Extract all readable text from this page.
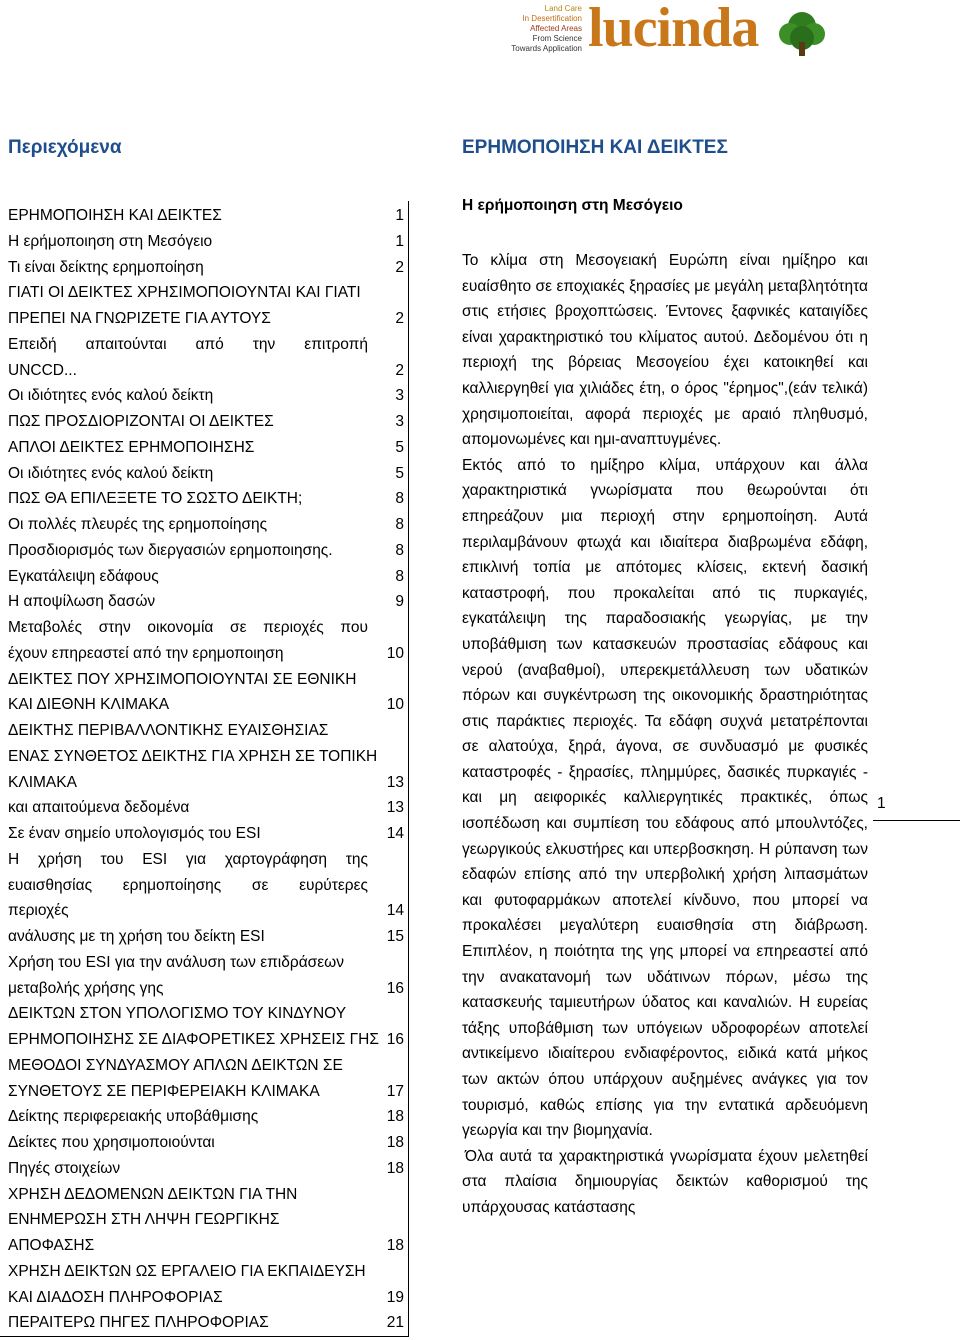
Land Care
In Desertification
Affected Areas
From Science
Towards Application lucinda
Περιεχόμενα
ΕΡΗΜΟΠΟΙΗΣΗ ΚΑΙ ΔΕΙΚΤΕΣ	1
Η ερήμοποιηση στη Μεσόγειο	1
Τι είναι δείκτης ερημοποίηση	2
ΓΙΑΤΙ ΟΙ ΔΕΙΚΤΕΣ ΧΡΗΣΙΜΟΠΟΙΟΥΝΤΑΙ ΚΑΙ ΓΙΑΤΙ
ΠΡΕΠΕΙ ΝΑ ΓΝΩΡΙΖΕΤΕ ΓΙΑ ΑΥΤΟΥΣ	2
Επειδή απαιτούνται από την επιτροπή
UNCCD...	2
Οι ιδιότητες ενός καλού δείκτη	3
ΠΩΣ ΠΡΟΣΔΙΟΡΙΖΟΝΤΑΙ ΟΙ ΔΕΙΚΤΕΣ	3
ΑΠΛΟΙ ΔΕΙΚΤΕΣ ΕΡΗΜΟΠΟΙΗΣΗΣ	5
Οι ιδιότητες ενός καλού δείκτη	5
ΠΩΣ ΘΑ ΕΠΙΛΕΞΕΤΕ ΤΟ ΣΩΣΤΟ ΔΕΙΚΤΗ;	8
Οι πολλές πλευρές της ερημοποίησης	8
Προσδιορισμός των διεργασιών ερημοποιησης.	8
Εγκατάλειψη εδάφους	8
Η αποψίλωση δασών	9
Μεταβολές στην οικονομία σε περιοχές που
έχουν επηρεαστεί από την ερημοποιηση	10
ΔΕΙΚΤΕΣ ΠΟΥ ΧΡΗΣΙΜΟΠΟΙΟΥΝΤΑΙ ΣΕ ΕΘΝΙΚΗ
ΚΑΙ ΔΙΕΘΝΗ ΚΛΙΜΑΚΑ	10
ΔΕΙΚΤΗΣ ΠΕΡΙΒΑΛΛΟΝΤΙΚΗΣ ΕΥΑΙΣΘΗΣΙΑΣ
ΕΝΑΣ ΣΥΝΘΕΤΟΣ ΔΕΙΚΤΗΣ ΓΙΑ ΧΡΗΣΗ ΣΕ ΤΟΠΙΚΗ
ΚΛΙΜΑΚΑ	13
και απαιτούμενα δεδομένα	13
Σε έναν σημείο υπολογισμός του ESI	14
Η χρήση του ESI για χαρτογράφηση της
ευαισθησίας ερημοποίησης σε ευρύτερες
περιοχές	14
ανάλυσης με τη χρήση του δείκτη ESI	15
Χρήση του ESI για την ανάλυση των επιδράσεων
μεταβολής χρήσης γης	16
ΔΕΙΚΤΩΝ ΣΤΟΝ ΥΠΟΛΟΓΙΣΜΟ ΤΟΥ ΚΙΝΔΥΝΟΥ
ΕΡΗΜΟΠΟΙΗΣΗΣ ΣΕ ΔΙΑΦΟΡΕΤΙΚΕΣ ΧΡΗΣΕΙΣ ΓΗΣ 16
ΜΕΘΟΔΟΙ ΣΥΝΔΥΑΣΜΟΥ ΑΠΛΩΝ ΔΕΙΚΤΩΝ ΣΕ
ΣΥΝΘΕΤΟΥΣ ΣΕ ΠΕΡΙΦΕΡΕΙΑΚΗ ΚΛΙΜΑΚΑ	17
Δείκτης περιφερειακής υποβάθμισης	18
Δείκτες που χρησιμοποιούνται	18
Πηγές στοιχείων	18
ΧΡΗΣΗ ΔΕΔΟΜΕΝΩΝ ΔΕΙΚΤΩΝ ΓΙΑ ΤΗΝ
ΕΝΗΜΕΡΩΣΗ ΣΤΗ ΛΗΨΗ ΓΕΩΡΓΙΚΗΣ
ΑΠΟΦΑΣΗΣ	18
ΧΡΗΣΗ ΔΕΙΚΤΩΝ ΩΣ ΕΡΓΑΛΕΙΟ ΓΙΑ ΕΚΠΑΙΔΕΥΣΗ
ΚΑΙ ΔΙΑΔΟΣΗ ΠΛΗΡΟΦΟΡΙΑΣ	19
ΠΕΡΑΙΤΕΡΩ ΠΗΓΕΣ ΠΛΗΡΟΦΟΡΙΑΣ	21
ΕΡΗΜΟΠΟΙΗΣΗ ΚΑΙ ΔΕΙΚΤΕΣ
Η ερήμοποιηση στη Μεσόγειο

Το κλίμα στη Μεσογειακή Ευρώπη είναι ημίξηρο και ευαίσθητο σε εποχιακές ξηρασίες με μεγάλη μεταβλητότητα στις ετήσιες βροχοπτώσεις. Έντονες ξαφνικές καταιγίδες είναι χαρακτηριστικό του κλίματος αυτού. Δεδομένου ότι η περιοχή της βόρειας Μεσογείου έχει κατοικηθεί και καλλιεργηθεί για χιλιάδες έτη, ο όρος "έρημος",(εάν τελικά) χρησιμοποιείται, αφορά περιοχές με αραιό πληθυσμό, απομονωμένες και ημι-αναπτυγμένες.

Εκτός από το ημίξηρο κλίμα, υπάρχουν και άλλα χαρακτηριστικά γνωρίσματα που θεωρούνται ότι επηρεάζουν μια περιοχή στην ερημοποίηση. Αυτά περιλαμβάνουν φτωχά και ιδιαίτερα διαβρωμένα εδάφη, επικλινή τοπία με απότομες κλίσεις, εκτενή δασική καταστροφή, που προκαλείται από τις πυρκαγιές, εγκατάλειψη της παραδοσιακής γεωργίας, με την υποβάθμιση των κατασκευών προστασίας εδάφους και νερού (αναβαθμοί), υπερεκμετάλλευση των υδατικών πόρων και συγκέντρωση της οικονομικής δραστηριότητας στις παράκτιες περιοχές. Τα εδάφη συχνά μετατρέπονται σε αλατούχα, ξηρά, άγονα, σε συνδυασμό με φυσικές καταστροφές - ξηρασίες, πλημμύρες, δασικές πυρκαγιές - και μη αειφορικές καλλιεργητικές πρακτικές, όπως ισοπέδωση και συμπίεση του εδάφους από μπουλντόζες, γεωργικούς ελκυστήρες και υπερβοσκηση. Η ρύπανση των εδαφών επίσης από την υπερβολική χρήση λιπασμάτων και φυτοφαρμάκων αποτελεί κίνδυνο, που μπορεί να προκαλέσει μεγαλύτερη ευαισθησία στη διάβρωση. Επιπλέον, η ποιότητα της γης μπορεί να επηρεαστεί από την ανακατανομή των υδάτινων πόρων, μέσω της κατασκευής ταμιευτήρων ύδατος και καναλιών. Η ευρείας τάξης υποβάθμιση των υπόγειων υδροφορέων αποτελεί αντικείμενο ιδιαίτερου ενδιαφέροντος, ειδικά κατά μήκος των ακτών όπου υπάρχουν αυξημένες ανάγκες για τον τουρισμό, καθώς επίσης για την εντατικά αρδευόμενη γεωργία και την βιομηχανία.

Όλα αυτά τα χαρακτηριστικά γνωρίσματα έχουν μελετηθεί στα πλαίσια δημιουργίας δεικτών καθορισμού της υπάρχουσας κατάστασης

1
